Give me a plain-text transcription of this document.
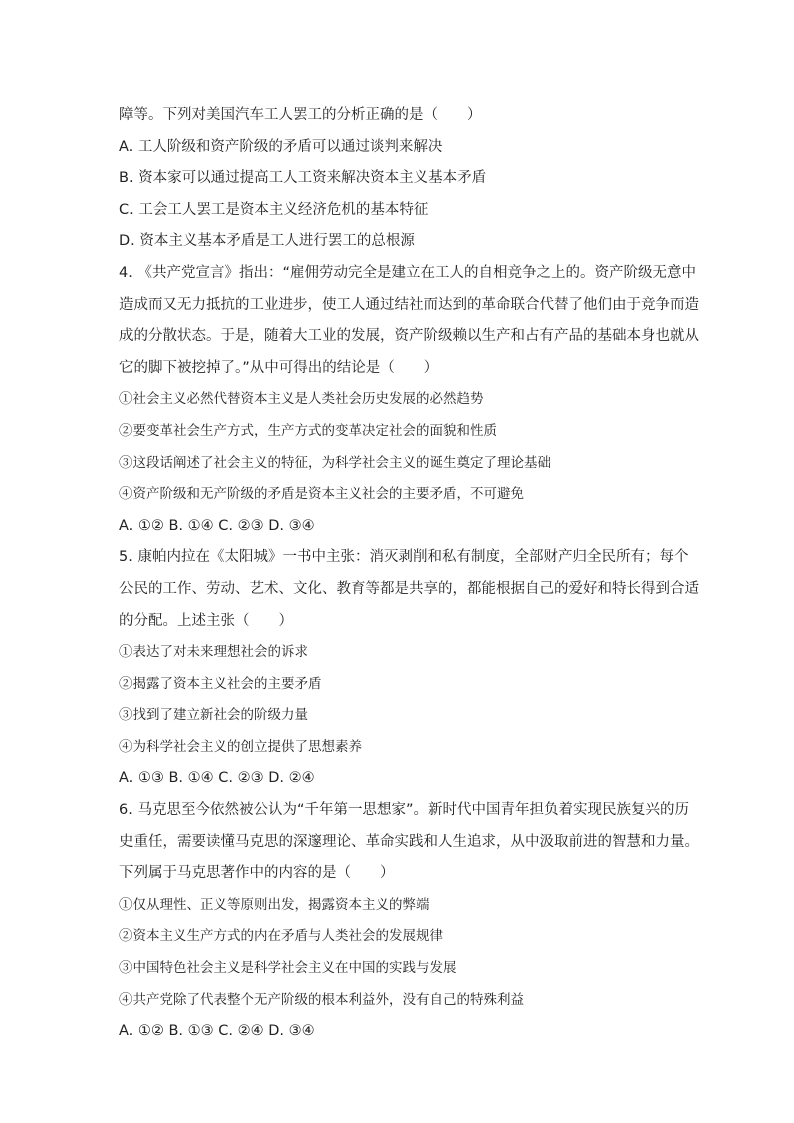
障等。下列对美国汽车工人罢工的分析正确的是（　　）
A. 工人阶级和资产阶级的矛盾可以通过谈判来解决
B. 资本家可以通过提高工人工资来解决资本主义基本矛盾
C. 工会工人罢工是资本主义经济危机的基本特征
D. 资本主义基本矛盾是工人进行罢工的总根源
4. 《共产党宣言》指出：“雇佣劳动完全是建立在工人的自相竞争之上的。资产阶级无意中
造成而又无力抵抗的工业进步，使工人通过结社而达到的革命联合代替了他们由于竞争而造
成的分散状态。于是，随着大工业的发展，资产阶级赖以生产和占有产品的基础本身也就从
它的脚下被挖掉了。”从中可得出的结论是（　　）
①社会主义必然代替资本主义是人类社会历史发展的必然趋势
②要变革社会生产方式，生产方式的变革决定社会的面貌和性质
③这段话阐述了社会主义的特征，为科学社会主义的诞生奠定了理论基础
④资产阶级和无产阶级的矛盾是资本主义社会的主要矛盾，不可避免
A. ①② B. ①④ C. ②③ D. ③④
5. 康帕内拉在《太阳城》一书中主张：消灭剥削和私有制度，全部财产归全民所有；每个
公民的工作、劳动、艺术、文化、教育等都是共享的，都能根据自己的爱好和特长得到合适
的分配。上述主张（　　）
①表达了对未来理想社会的诉求
②揭露了资本主义社会的主要矛盾
③找到了建立新社会的阶级力量
④为科学社会主义的创立提供了思想素养
A. ①③ B. ①④ C. ②③ D. ②④
6. 马克思至今依然被公认为“千年第一思想家”。新时代中国青年担负着实现民族复兴的历
史重任，需要读懂马克思的深邃理论、革命实践和人生追求，从中汲取前进的智慧和力量。
下列属于马克思著作中的内容的是（　　）
①仅从理性、正义等原则出发，揭露资本主义的弊端
②资本主义生产方式的内在矛盾与人类社会的发展规律
③中国特色社会主义是科学社会主义在中国的实践与发展
④共产党除了代表整个无产阶级的根本利益外，没有自己的特殊利益
A. ①② B. ①③ C. ②④ D. ③④
